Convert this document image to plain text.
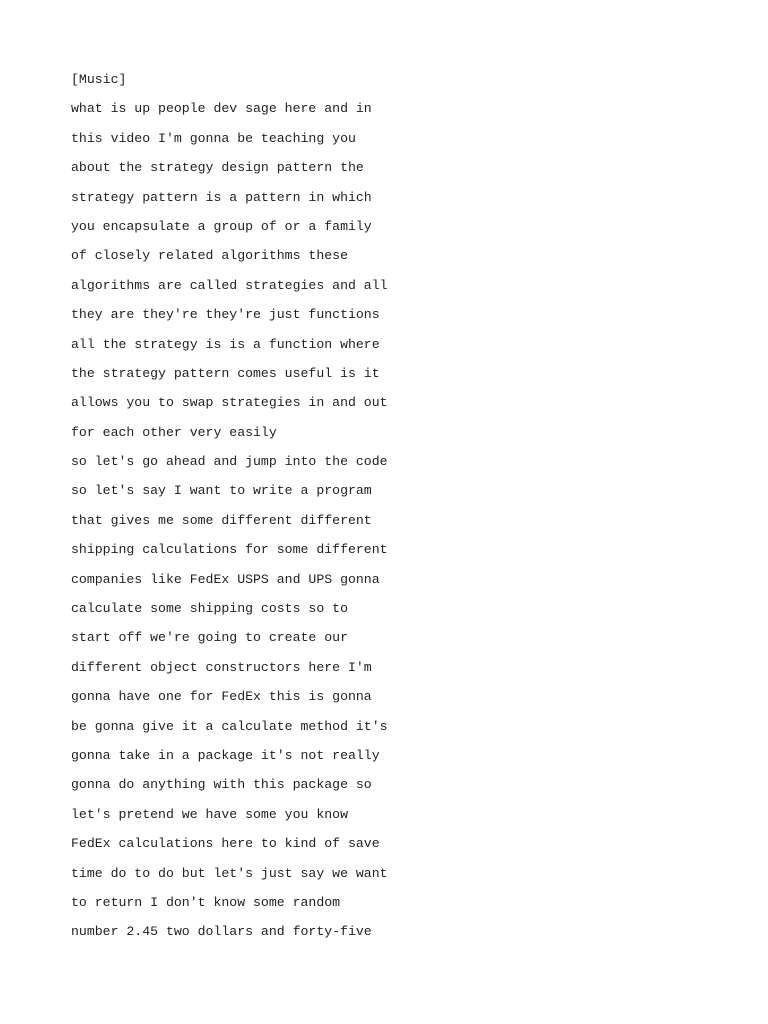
[Music]
what is up people dev sage here and in
this video I'm gonna be teaching you
about the strategy design pattern the
strategy pattern is a pattern in which
you encapsulate a group of or a family
of closely related algorithms these
algorithms are called strategies and all
they are they're they're just functions
all the strategy is is a function where
the strategy pattern comes useful is it
allows you to swap strategies in and out
for each other very easily
so let's go ahead and jump into the code
so let's say I want to write a program
that gives me some different different
shipping calculations for some different
companies like FedEx USPS and UPS gonna
calculate some shipping costs so to
start off we're going to create our
different object constructors here I'm
gonna have one for FedEx this is gonna
be gonna give it a calculate method it's
gonna take in a package it's not really
gonna do anything with this package so
let's pretend we have some you know
FedEx calculations here to kind of save
time do to do but let's just say we want
to return I don't know some random
number 2.45 two dollars and forty-five
